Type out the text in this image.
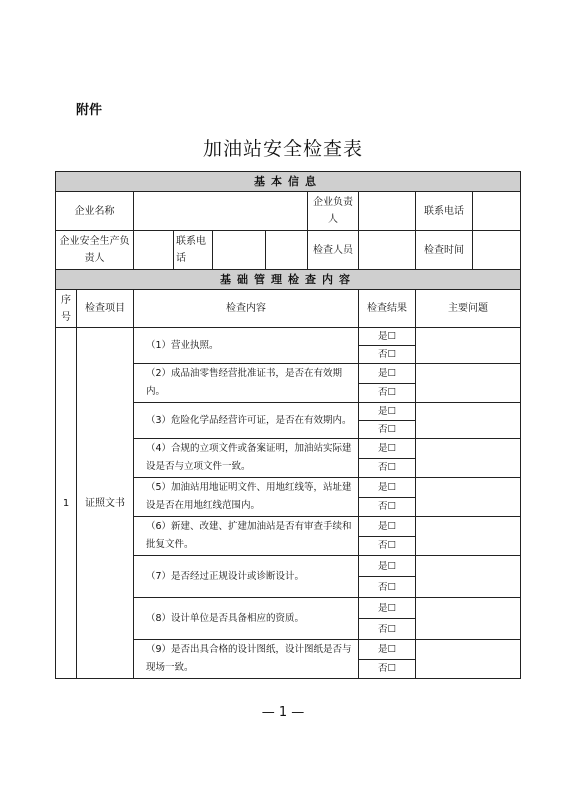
附件
加油站安全检查表
基本信息							
企业名称					企业负责人		联系电话

企业安全生产负责人			联系电话	检查人员			检查时间

基础管理检查内容							
序号	检查项目	检查内容				检查结果	主要问题
1	证照文书	（1）营业执照。				是☐	
						否☐	
		（2）成品油零售经营批准证书，是否在有效期内。				是☐	
						否☐	
		（3）危险化学品经营许可证，是否在有效期内。				是☐	
						否☐	
		（4）合规的立项文件或备案证明，加油站实际建设是否与立项文件一致。				是☐	
						否☐	
		（5）加油站用地证明文件、用地红线等，站址建设是否在用地红线范围内。				是☐	
						否☐	
		（6）新建、改建、扩建加油站是否有审查手续和批复文件。				是☐	
						否☐	
		（7）是否经过正规设计或诊断设计。				是☐	
						否☐	
		（8）设计单位是否具备相应的资质。				是☐	
						否☐	
		（9）是否出具合格的设计图纸，设计图纸是否与现场一致。				是☐	
						否☐	
— 1 —
